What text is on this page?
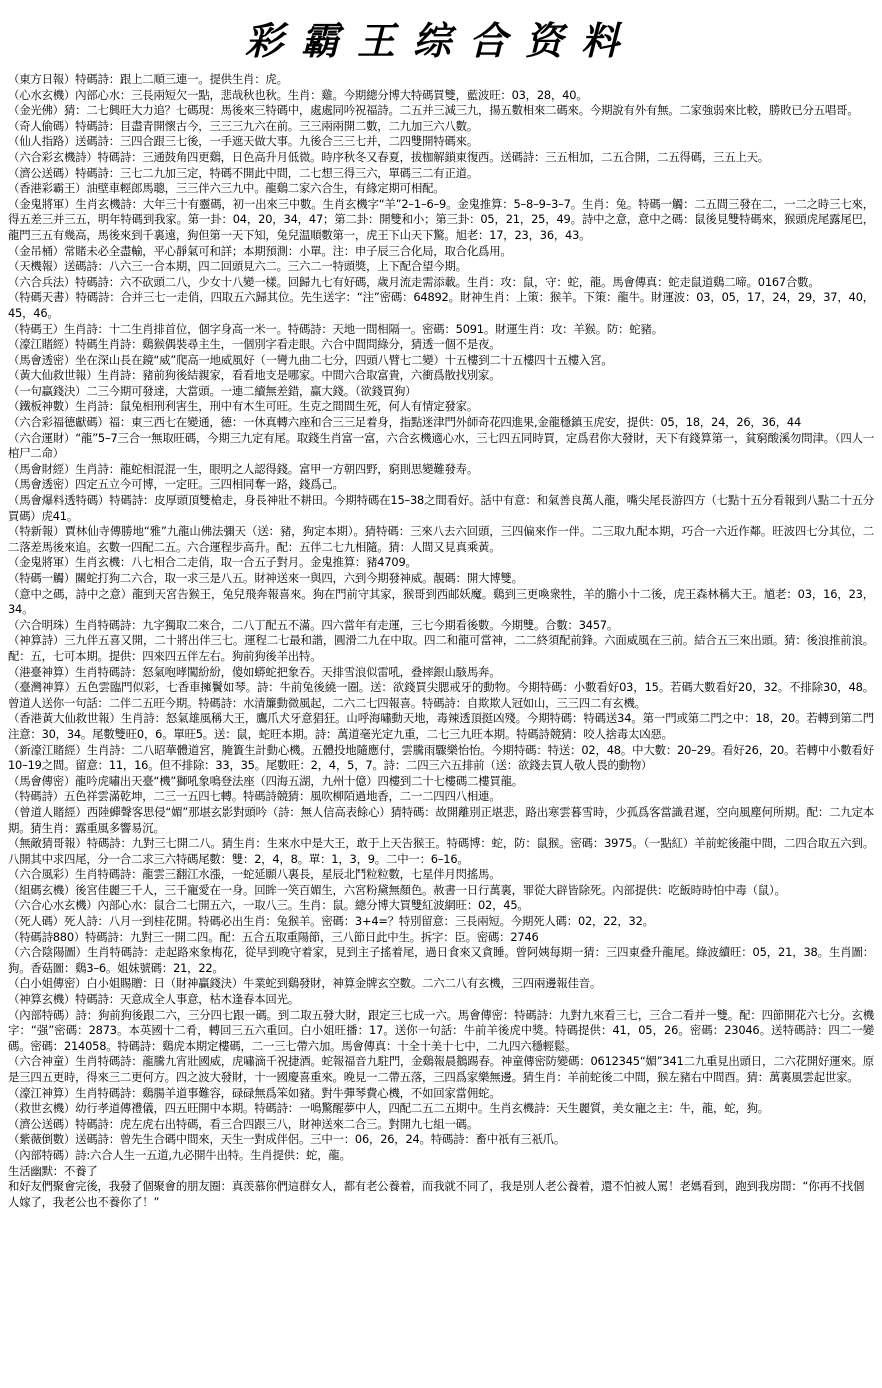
彩霸王综合资料
（東方日報）特碼詩：跟上二順三連一。提供生肖：虎。
（心水玄機）內部心水：三長兩短欠一點，悲哉秋也秋。生肖：雞。今期總分博大特碼買雙，藍波旺：03，28，40。
（金光佛）猜：二七興旺大力追？七碼現：馬後來三特碼中，處處同吟祝福詩。二五并三減三九，揚五數相來二碼來。今期說有外有無。二家強弱來比較，勝敗已分五唱哥。
（奇人偷碼）特碼詩：目盡青開懷古今，三三三九六在前。三三兩兩開二數，二九加三六八數。
（仙人指路）送碼詩：三四合跟三七後，一手遮天做大事。九後合三三七并，二四雙開特碼來。
（六合彩玄機詩）特碼詩：三通鼓角四更鷄，日色高升月低微。時序秋冬又春夏，拔枷解鎖東復西。送碼詩：三五相加，二五合開，二五得碼，三五上天。
（濟公送碼）特碼詩：三七二九加三定，特碼不開此中間，二七想三得三六，單碼三二有正道。
（香港彩霸王）油壁車輕郎馬聰，三三伴六三九中。龍鷄二家六合生，有緣定期可相配。
（金鬼將軍）生肖玄機詩：大年三十有靈碼，初一出來三中數。生肖玄機字“羊”2–1–6–9。金鬼推算：5–8–9–3–7。生肖：兔。特碼一觸：二五間三發在二，一二之時三七來，得五差三并三五，明年特碼到我家。第一卦：04，20，34，47；第二卦：開雙和小；第三卦：05，21，25，49。詩中之意，意中之碼：鼠後見雙特碼來，猴頭虎尾露尾巴，龍門三五有幾高，馬後來到千裏遠，狗但第一天下知，兔兒温順數第一，虎王下山天下驚。旭老：17，23，36，43。
（金吊桶）常賭未必全盡輸，平心靜氣可和詳；本期預測：小單。注：申子辰三合化局，取合化爲用。
（天機報）送碼詩：八六三一合本期，四二回頭見六二。三六二一特頭獎，上下配合望今期。
（六合兵法）特碼詩：六不砍頭二八，少女十八變一樣。回歸九七有好碼，歲月流走需添載。生肖：攻：鼠，守：蛇，龍。馬會傳真：蛇走鼠道鷄二啼。0167合數。
（特碼天書）特碼詩：合并三七一走俏，四取五六歸其位。先生送字：“注”密碼：64892。財神生肖：上策：猴羊。下策：龍牛。財運波：03，05，17，24，29，37，40，45，46。
（特碼王）生肖詩：十二生肖排首位，個字身高一米一。特碼詩：天地一間相隔一。密碼：5091。財運生肖：攻：羊猴。防：蛇豬。
（濠江賭經）特碼生肖詩：鷄猴偶裝尋主生，一個別字看走眼。六合中間問綠分，猜透一個不是夜。
（馬會透密）坐在深山長在鏡“威”爬高一地威風好（一彎九曲二七分，四頭八臂七二變）十五樓到二十五樓四十五樓入宮。
（黃大仙救世報）生肖詩：豬前狗後結親家，看看地支是哪家。中間六合取富貴，六衝爲散找別家。
（一句贏錢決）二三今期可發達，大當頭。一連二續無差錯，赢大錢。（欲錢買狗）
（鐵板神數）生肖詩：鼠兔相刑利害生，刑中有木生可旺。生克之間間生死，何人有情定發家。
（六合彩福德獻碼）福：東三西七在變通，德：一休真轉六座和合三三足着身，指點迷津門外師奇花四進果,金龍穩鎮玉虎安，提供：05，18，24，26，36，44
（六合運財）“龍”5–7三合一無取旺碼，今期三九定有尾。取錢生肖富一富，六合玄機適心水，三七四五同時買，定爲君你大發財，天下有錢算第一，貧窮酸溪勿問津。（四人一棺尸二命）
（馬會財經）生肖詩：龍蛇相混混一生，眼明之人認得錢。富甲一方朝四野，窮則思變難發寿。
（馬會透密）四定五立今可博，一定旺。三四相同奪一路，錢爲己。
（馬會爆料透特碼）特碼詩：皮厚頭頂雙槍走，身長神壯不耕田。今期特碼在15–38之間看好。話中有意：和氣善良萬人龍，嘴尖尾長游四方（七點十五分看報到八點二十五分買碼）虎41。
（特新報）賈林仙寺傳勝地“雅”九龍山佛法彌天（送：豬，狗定本期）。猜特碼：三來八去六回頭，三四偏來作一伴。二三取九配本期，巧合一六近作鄰。旺波四七分其位，二二落差馬後來追。玄數一四配二五。六合運程步高升。配：五伴二七九相隨。猜：人間又見真乘黃。
（金鬼將軍）生肖玄機：八七相合二走俏，取一合五子對月。金鬼推算：豬4709。
（特碼一觸）關蛇打狗二六合，取一求三是八五。財神送來一與四，六到今期發神威。靚碼：開大博雙。
（意中之碼，詩中之意）龍到天宮告猴王，兔兒飛奔報喜來。狗在門前守其家，猴哥到西邮妖魔。鷄到三更喚衆牲，羊的膽小十二後，虎王森林稱大王。馗老：03，16，23，34。
（六合明珠）生肖特碼詩：九字獨取二來合，二八丁配五不滿。四六當年有走運，三七今期看後數。今期雙。合數：3457。
（神算詩）三九伴五喜又開，二十將出伴三七。運程二七最和諧，圓滑二九在中取。四二和龍可當神，二二終須配前鋒。六面威風在三前。結合五三來出頭。猜：後浪推前浪。配：五，七可本期。提供：四來四五伴左右。狗前狗後羊出特。
（港臺神算）生肖特碼詩：怒氣咆哮闖紛紛，傻如蟒蛇把象吞。天排雪浪似雷吼，叠摔銀山駭馬奔。
（臺灣神算）五色雲臨門似彩，七香車擁鬢如琴。詩：牛前兔後繞一圈。送：欲錢買尖腮戒牙的動物。今期特碼：小數看好03，15。若碼大數看好20，32。不排除30，48。曾道人送你一句話：二伴二五旺今期。特碼詩：水清簾動微風起，二六二七四報喜。特碼詩：自欺欺人冠如山，三三四二有玄機。
（香港黃大仙救世報）生肖詩：怒氣雄風稱大王，鷹爪犬牙意猖狂。山呼海嘯動天地，毒辣透頂挺凶殘。今期特碼：特碼送34。第一門或第二門之中：18，20。若轉到第二門注意：30，34。尾數雙旺0，6。單旺5。送：鼠，蛇旺本期。詩：萬道毫光定九重，二七三九旺本期。特碼詩競猜：咬人捨毒太凶惡。
（新濠江賭經）生肖詩：二八昭華體道宮，腌簣生計動心機。五體投地隨應付，雲騰雨驟樂怡怡。今期特碼：特送：02，48。中大數：20–29。看好26，20。若轉中小數看好10–19之間。留意：11，16。但不排除：33，35。尾數旺：2，4，5，7。詩：二四三六五排前（送：欲錢去買人敬人畏的動物）
（馬會傳密）龍吟虎嘯出天臺“機”獅吼象鳴登法座（四海五湖，九州十億）四樓到二十七樓碼二樓買龍。
（特碼詩）五色祥雲滿乾坤，二三一五四七轉。特碼詩競猜：風吹柳陌過地香，二一二四四八相連。
（曾道人賭經）西陸蟬聲客思侵“媚”那堪玄影對頭吟（詩：無人信高表餘心）猜特碼：故開離別正堪悲，路出寒雲暮雪時，少孤爲客當識君遲，空向風塵何所期。配：二九定本期。猜生肖：露重風多響易沉。
（無敵猜哥報）特碼詩：九對三七開二八。猜生肖：生來水中是大王，敢于上天告猴王。特碼博：蛇，防：鼠猴。密碼：3975。（一點紅）羊前蛇後龍中間，二四合取五六到。八開其中求四尾，分一合二求三六特碼尾數：雙：2，4，8。單：1，3，9。二中一：6–16。
（六合風彩）生肖特碼詩：龍雲三翻江水漲，一蛇延願八裏長，星辰北鬥粒粒數，七星伴月閃搖馬。
（組碼玄機）後宮佳麗三千人，三千寵愛在一身。回眸一笑百媚生，六宮粉黛無顏色。赦書一日行萬裏，罪從大辟皆除死。內部提供：吃飯時時怕中毒（鼠）。
（六合心水玄機）內部心水：鼠合二七開五六，一取八三。生肖：鼠。總分博大買雙紅波網旺：02，45。
（死人碼）死人詩：八月一到桂花開。特碼必出生肖：兔猴羊。密碼：3+4=？特別留意：三長兩短。今期死人碼：02，22，32。
（特碼詩880）特碼詩：九對三一開二四。配：五合五取重陽節，三八節日此中生。拆字：臣。密碼：2746
（六合陰陽圖）生肖特碼詩：走起路來象梅花，從早到晚守着家，見到主子搖着尾，過日食來又貪睡。曾阿姨每期一猜：三四東叠升龍尾。綠波續旺：05，21，38。生肖圖：狗。香菇圖：鷄3–6。姐妹號碼：21，22。
（白小姐傳密）白小姐賜贈：日（財神贏錢決）牛業蛇到鷄發財，神算金牌玄空數。二六二八有玄機，三四兩邊報佳音。
（神算玄機）特碼詩：天意成全人事意，枯木逢春本回光。
（內部特碼）詩：狗前狗後跟二六，三分四七跟一碼。到二取五發大財，跟定三七成一六。馬會傳密：特碼詩：九對九來看三七，三合二看并一雙。配：四節開花六七分。玄機字：“强”密碼：2873。本英國十二肴，轉回三五六重回。白小姐旺播：17。送你一句話：牛前羊後虎中獎。特碼提供：41，05，26。密碼：23046。送特碼詩：四二一變碼。密碼：214058。特碼詩：鷄虎本期定樓碼，二一三七帶六加。馬會傳真：十全十美十七中，二九四六穩輕鬆。
（六合神童）生肖特碼詩：龍騰九宵壯國威，虎嘯滴千祝捷酒。蛇報福音九駐門，金鷄報晨鵝踢春。神童傳密防變碼：0612345“媚”341二九重見出頭日，二六花開好運來。原是三四五更時，得來三二更何方。四之波大發財，十一國慶喜重來。晚見一二帶五落，三四爲家樂無邊。猜生肖：羊前蛇後二中間，猴左豬右中間酉。猜：萬裏風雲起世家。
（濠江神算）生肖特碼詩：鷄腸羊道事難容，碌碌無爲笨如豬。對牛彈琴費心機，不如回家當佣蛇。
（救世玄機）幼行孝道傳禮儀，四五旺開中本期。特碼詩：一鳴驚醒夢中人，四配二五二五期中。生肖玄機詩：天生麗質，美女寵之主：牛，龍，蛇，狗。
（濟公送碼）特碼詩：虎左虎右出特碼，看三合四跟三八，財神送來二合三。對開九七組一碼。
（紫薇倒數）送碼詩：曾先生合碼中間來，天生一對成伴侶。三中一：06，26，24。特碼詩：畜中祇有三祇爪。
（內部特碼）詩:六合人生一五道,九必開牛出特。生肖提供：蛇，龍。
生活幽默：不養了
和好友們聚會完後，我發了個聚會的朋友圈：真羡慕你們這群女人，都有老公養着，而我就不同了，我是別人老公養着，還不怕被人罵！老媽看到，跑到我房間：“你再不找個人嫁了，我老公也不養你了！”
